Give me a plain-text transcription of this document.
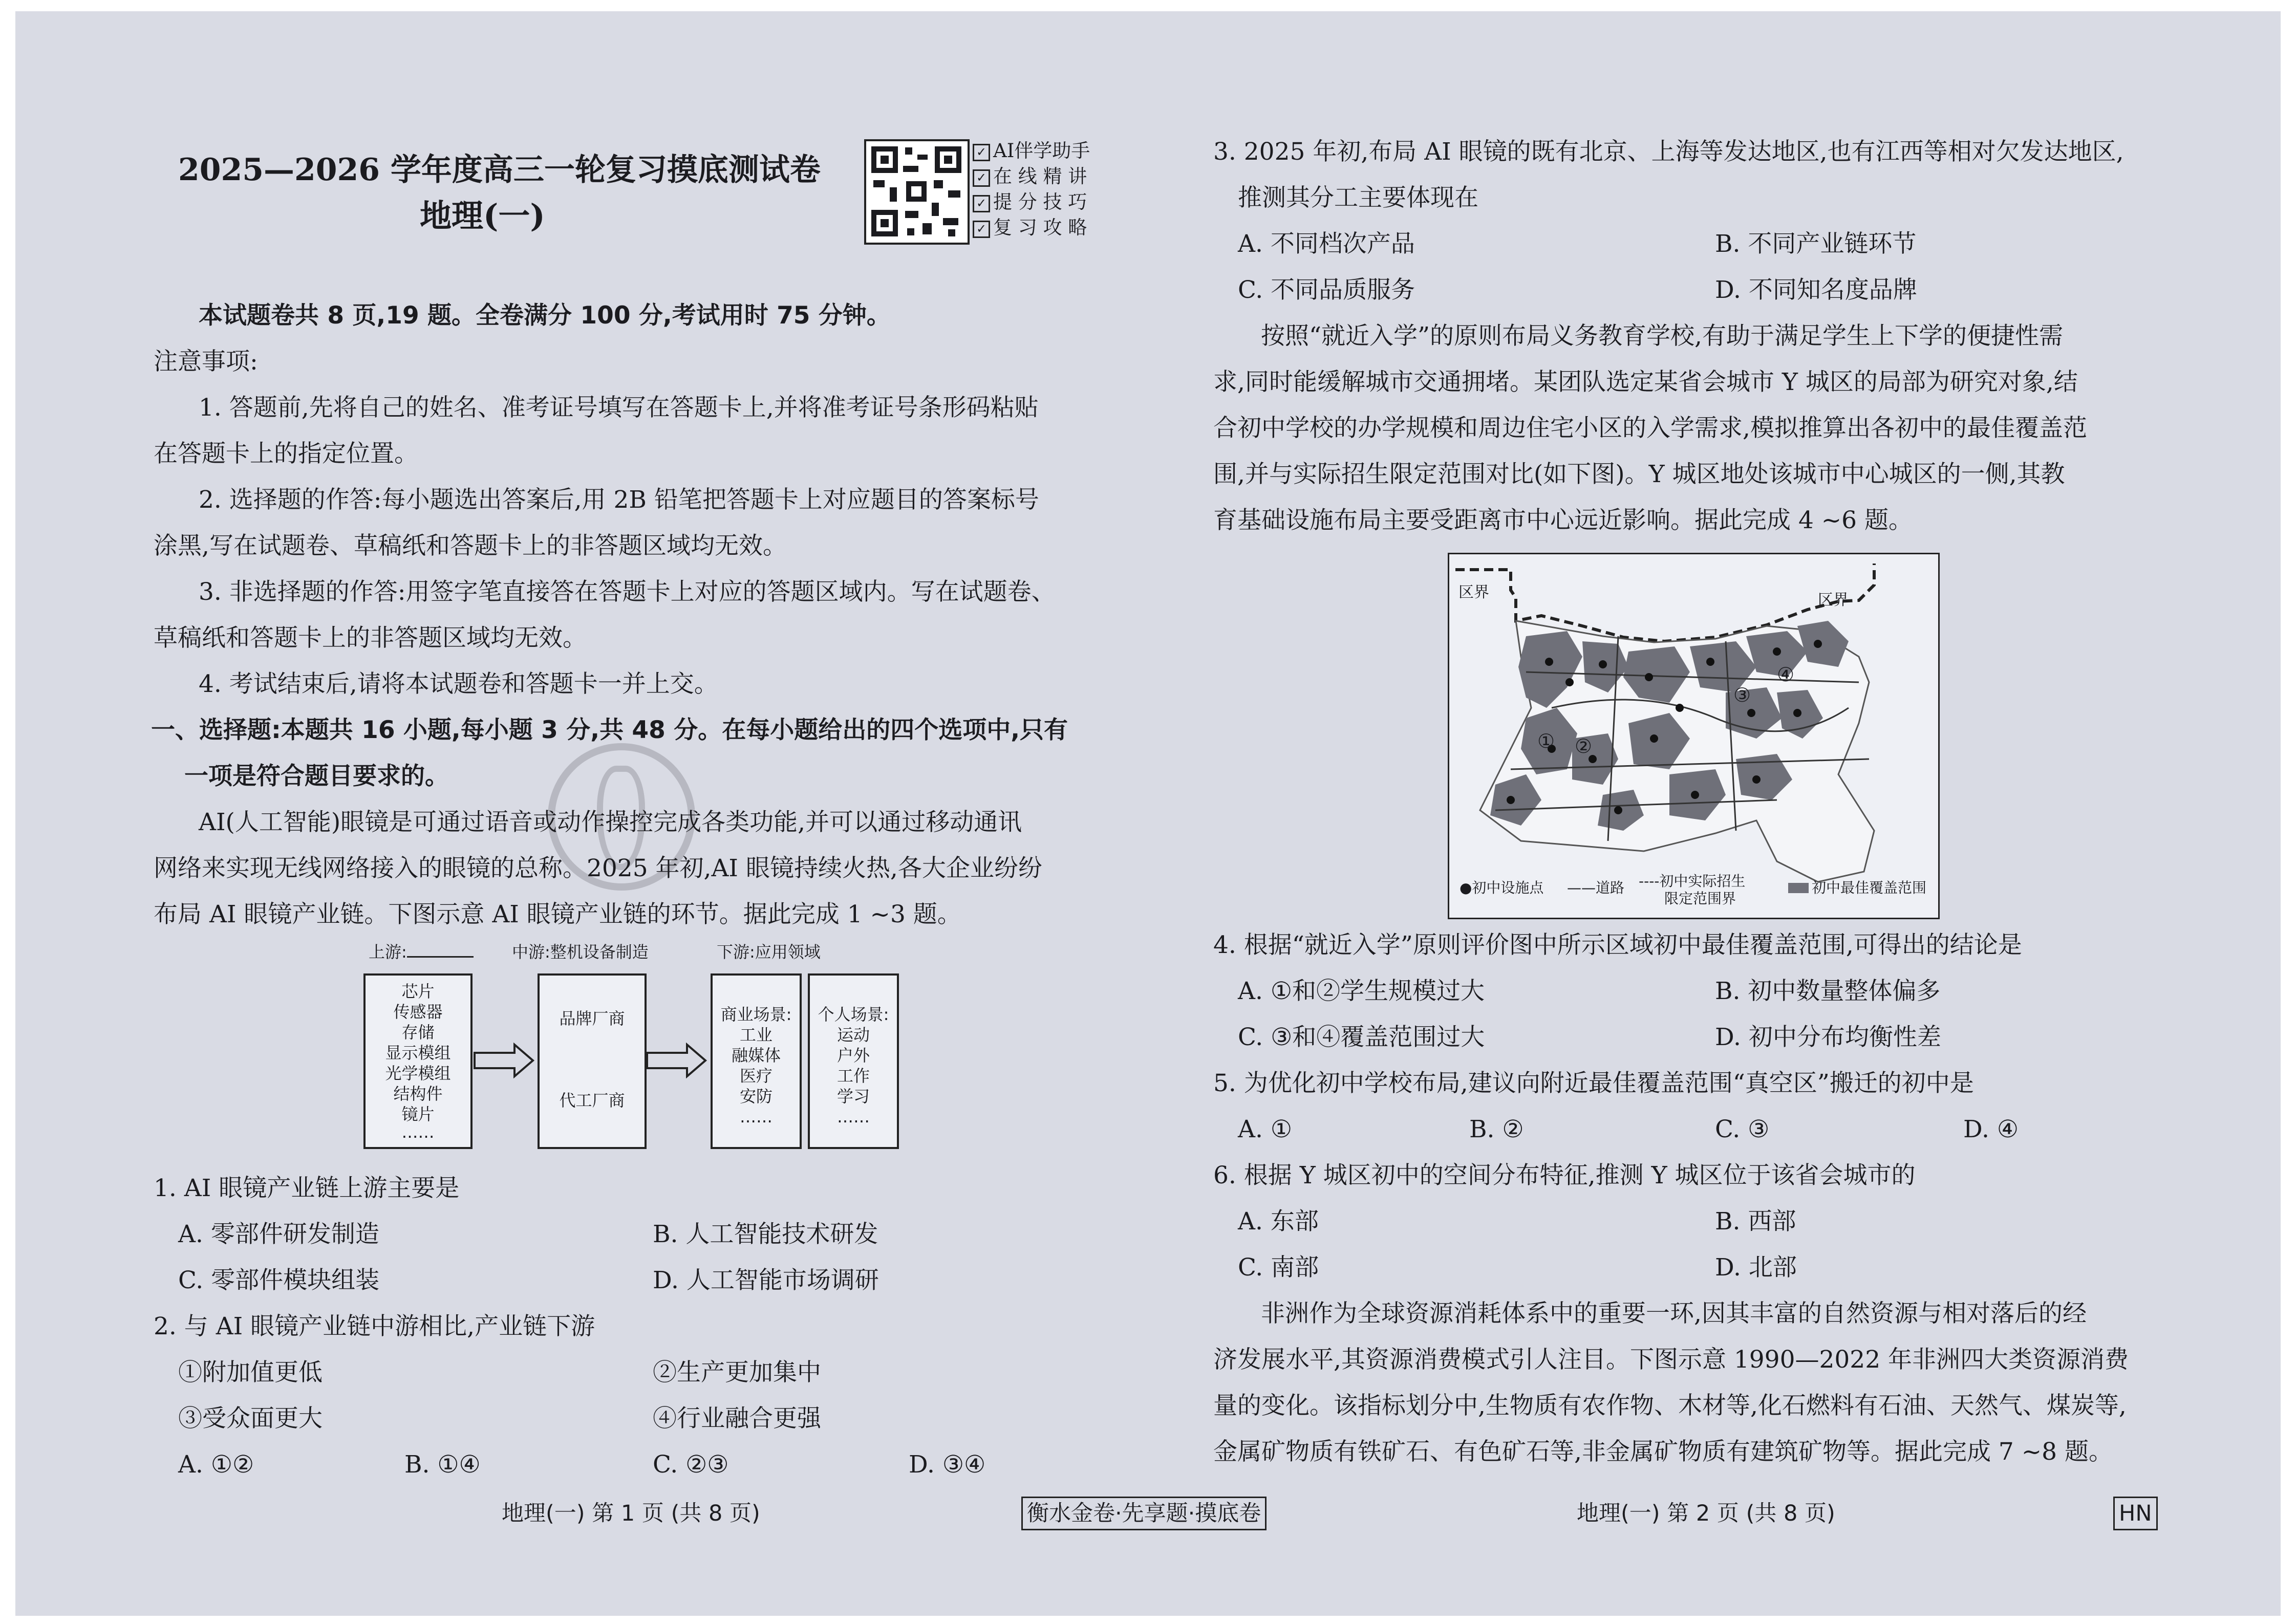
2025—2026 学年度高三一轮复习摸底测试卷
地理(一)
✓ AI伴学助手
✓ 在 线 精 讲
✓ 提 分 技 巧
✓ 复 习 攻 略
本试题卷共 8 页,19 题。全卷满分 100 分,考试用时 75 分钟。
注意事项:
1. 答题前,先将自己的姓名、准考证号填写在答题卡上,并将准考证号条形码粘贴
在答题卡上的指定位置。
2. 选择题的作答:每小题选出答案后,用 2B 铅笔把答题卡上对应题目的答案标号
涂黑,写在试题卷、草稿纸和答题卡上的非答题区域均无效。
3. 非选择题的作答:用签字笔直接答在答题卡上对应的答题区域内。写在试题卷、
草稿纸和答题卡上的非答题区域均无效。
4. 考试结束后,请将本试题卷和答题卡一并上交。
一、选择题:本题共 16 小题,每小题 3 分,共 48 分。在每小题给出的四个选项中,只有
一项是符合题目要求的。
AI(人工智能)眼镜是可通过语音或动作操控完成各类功能,并可以通过移动通讯
网络来实现无线网络接入的眼镜的总称。2025 年初,AI 眼镜持续火热,各大企业纷纷
布局 AI 眼镜产业链。下图示意 AI 眼镜产业链的环节。据此完成 1 ~3 题。
上游:	中游:整机设备制造	下游:应用领域
芯片
传感器
存储
显示模组
光学模组
结构件
镜片
……
品牌厂商
代工厂商
商业场景:
工业
融媒体
医疗
安防
……
个人场景:
运动
户外
工作
学习
……
1. AI 眼镜产业链上游主要是
A. 零部件研发制造	B. 人工智能技术研发
C. 零部件模块组装	D. 人工智能市场调研
2. 与 AI 眼镜产业链中游相比,产业链下游
①附加值更低	②生产更加集中
③受众面更大	④行业融合更强
A. ①②	B. ①④	C. ②③	D. ③④
地理(一) 第 1 页 (共 8 页)	衡水金卷·先享题·摸底卷
3. 2025 年初,布局 AI 眼镜的既有北京、上海等发达地区,也有江西等相对欠发达地区,
推测其分工主要体现在
A. 不同档次产品	B. 不同产业链环节
C. 不同品质服务	D. 不同知名度品牌
按照“就近入学”的原则布局义务教育学校,有助于满足学生上下学的便捷性需
求,同时能缓解城市交通拥堵。某团队选定某省会城市 Y 城区的局部为研究对象,结
合初中学校的办学规模和周边住宅小区的入学需求,模拟推算出各初中的最佳覆盖范
围,并与实际招生限定范围对比(如下图)。Y 城区地处该城市中心城区的一侧,其教
育基础设施布局主要受距离市中心远近影响。据此完成 4 ~6 题。
区界	区界
① ②
③
④
●初中设施点 ——道路 ----初中实际招生
限定范围界
初中最佳覆盖范围
4. 根据“就近入学”原则评价图中所示区域初中最佳覆盖范围,可得出的结论是
A. ①和②学生规模过大	B. 初中数量整体偏多
C. ③和④覆盖范围过大	D. 初中分布均衡性差
5. 为优化初中学校布局,建议向附近最佳覆盖范围“真空区”搬迁的初中是
A. ①	B. ②	C. ③	D. ④
6. 根据 Y 城区初中的空间分布特征,推测 Y 城区位于该省会城市的
A. 东部	B. 西部
C. 南部	D. 北部
非洲作为全球资源消耗体系中的重要一环,因其丰富的自然资源与相对落后的经
济发展水平,其资源消费模式引人注目。下图示意 1990—2022 年非洲四大类资源消费
量的变化。该指标划分中,生物质有农作物、木材等,化石燃料有石油、天然气、煤炭等,
金属矿物质有铁矿石、有色矿石等,非金属矿物质有建筑矿物等。据此完成 7 ~8 题。
地理(一) 第 2 页 (共 8 页)	HN
